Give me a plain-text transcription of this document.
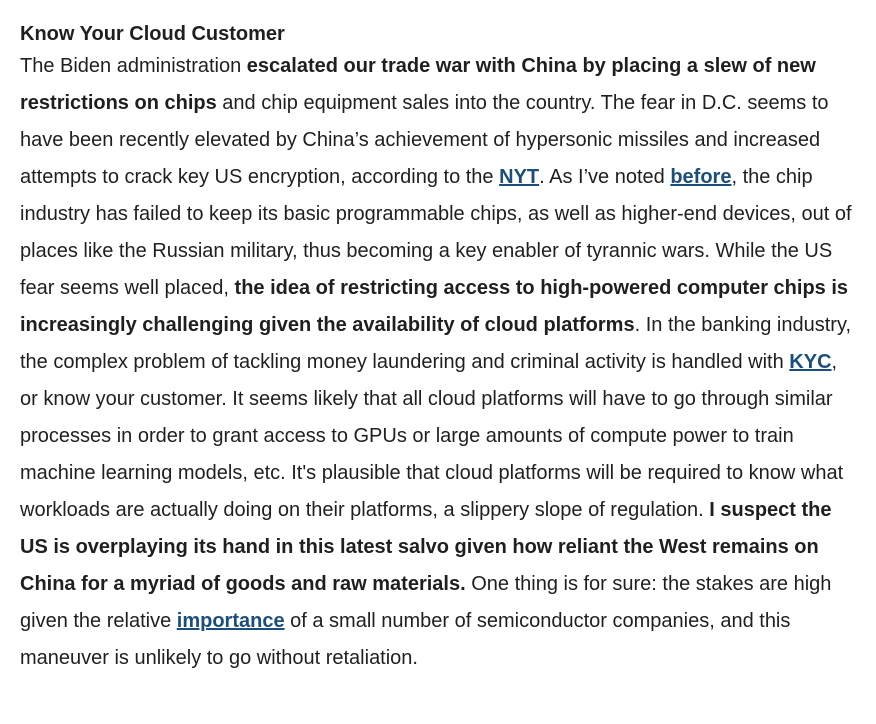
Know Your Cloud Customer

The Biden administration escalated our trade war with China by placing a slew of new restrictions on chips and chip equipment sales into the country. The fear in D.C. seems to have been recently elevated by China’s achievement of hypersonic missiles and increased attempts to crack key US encryption, according to the NYT. As I’ve noted before, the chip industry has failed to keep its basic programmable chips, as well as higher-end devices, out of places like the Russian military, thus becoming a key enabler of tyrannic wars. While the US fear seems well placed, the idea of restricting access to high-powered computer chips is increasingly challenging given the availability of cloud platforms. In the banking industry, the complex problem of tackling money laundering and criminal activity is handled with KYC, or know your customer. It seems likely that all cloud platforms will have to go through similar processes in order to grant access to GPUs or large amounts of compute power to train machine learning models, etc. It's plausible that cloud platforms will be required to know what workloads are actually doing on their platforms, a slippery slope of regulation. I suspect the US is overplaying its hand in this latest salvo given how reliant the West remains on China for a myriad of goods and raw materials. One thing is for sure: the stakes are high given the relative importance of a small number of semiconductor companies, and this maneuver is unlikely to go without retaliation.
